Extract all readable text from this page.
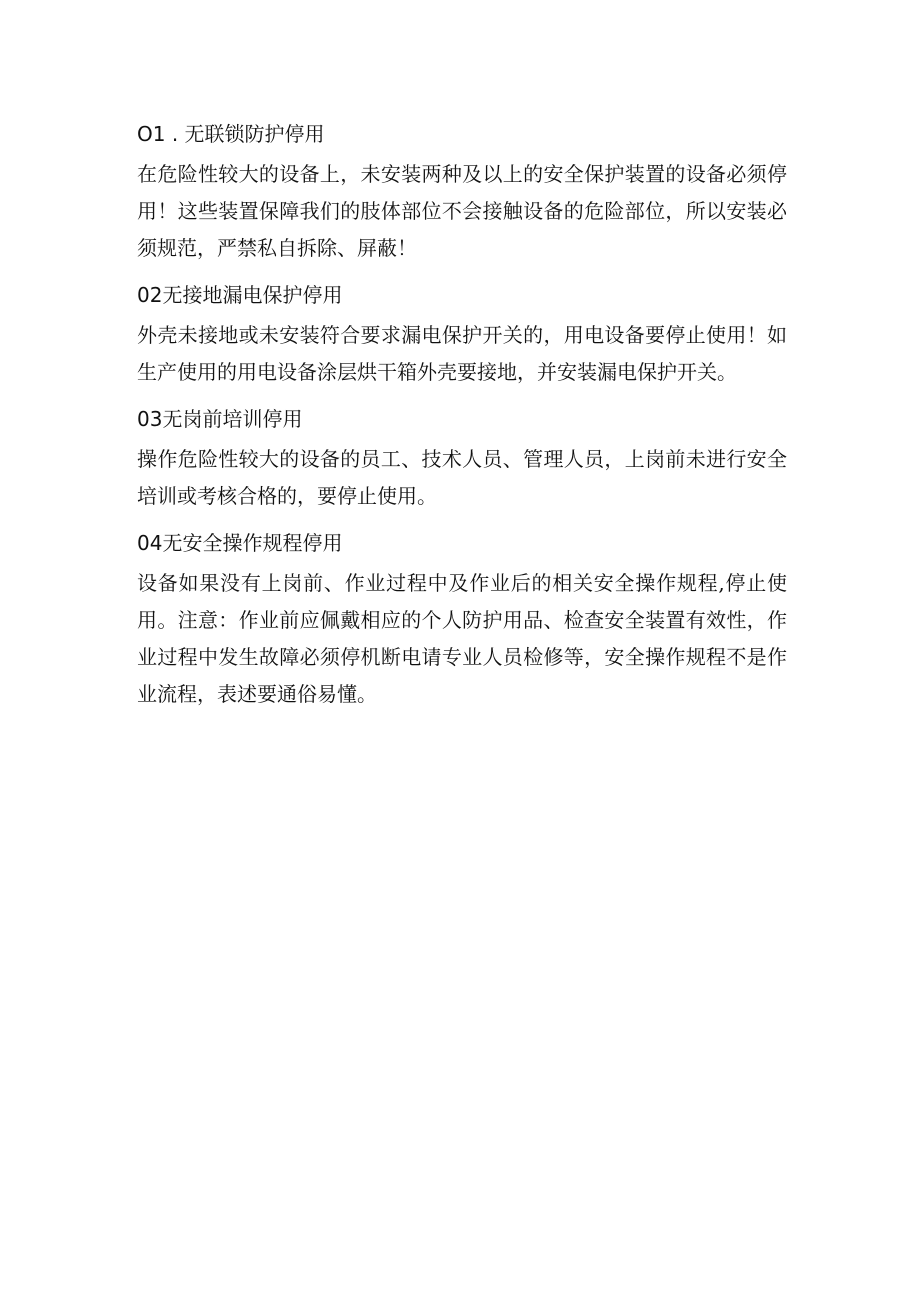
O1 . 无联锁防护停用

在危险性较大的设备上，未安装两种及以上的安全保护装置的设备必须停用！这些装置保障我们的肢体部位不会接触设备的危险部位，所以安装必须规范，严禁私自拆除、屏蔽！

02无接地漏电保护停用

外壳未接地或未安装符合要求漏电保护开关的，用电设备要停止使用！如生产使用的用电设备涂层烘干箱外壳要接地，并安装漏电保护开关。

03无岗前培训停用

操作危险性较大的设备的员工、技术人员、管理人员，上岗前未进行安全培训或考核合格的，要停止使用。

04无安全操作规程停用

设备如果没有上岗前、作业过程中及作业后的相关安全操作规程,停止使用。注意：作业前应佩戴相应的个人防护用品、检查安全装置有效性，作业过程中发生故障必须停机断电请专业人员检修等，安全操作规程不是作业流程，表述要通俗易懂。
